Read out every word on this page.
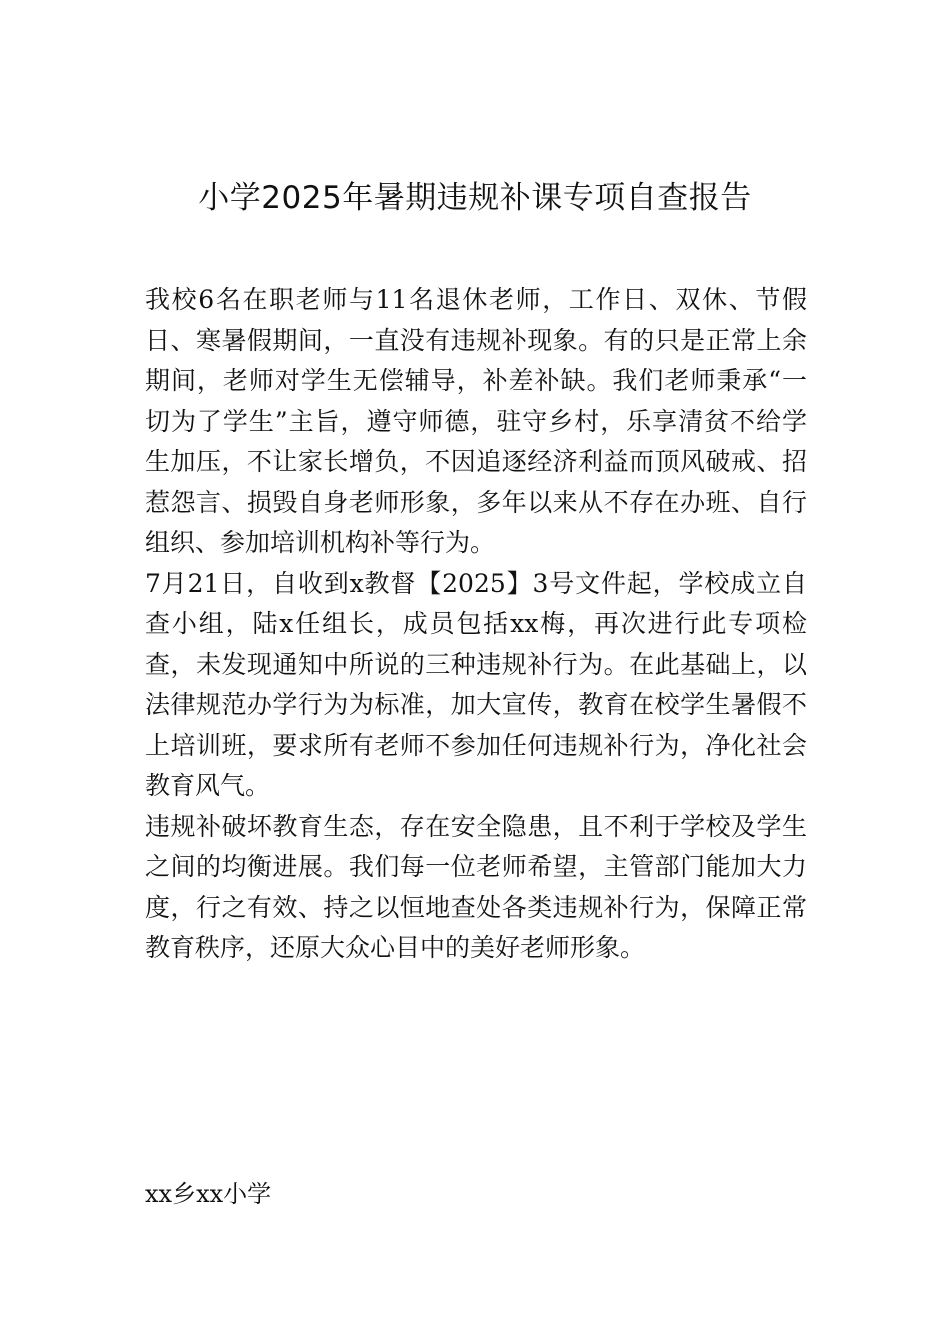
小学2025年暑期违规补课专项自查报告

我校6名在职老师与11名退休老师，工作日、双休、节假日、寒暑假期间，一直没有违规补现象。有的只是正常上余期间，老师对学生无偿辅导，补差补缺。我们老师秉承“一切为了学生”主旨，遵守师德，驻守乡村，乐享清贫不给学生加压，不让家长增负，不因追逐经济利益而顶风破戒、招惹怨言、损毁自身老师形象，多年以来从不存在办班、自行组织、参加培训机构补等行为。

7月21日，自收到x教督【2025】3号文件起，学校成立自查小组，陆x任组长，成员包括xx梅，再次进行此专项检查，未发现通知中所说的三种违规补行为。在此基础上，以法律规范办学行为为标准，加大宣传，教育在校学生暑假不上培训班，要求所有老师不参加任何违规补行为，净化社会教育风气。

违规补破坏教育生态，存在安全隐患，且不利于学校及学生之间的均衡进展。我们每一位老师希望，主管部门能加大力度，行之有效、持之以恒地查处各类违规补行为，保障正常教育秩序，还原大众心目中的美好老师形象。

xx乡xx小学
